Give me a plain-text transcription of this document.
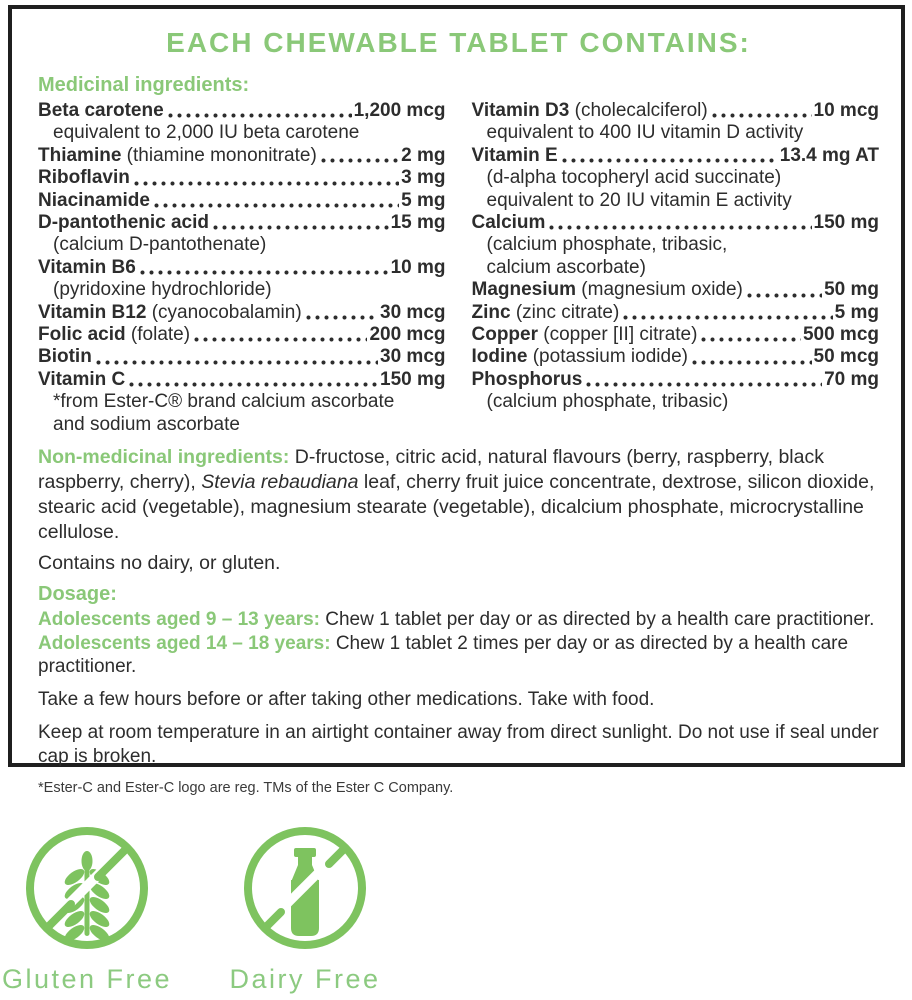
EACH CHEWABLE TABLET CONTAINS:
Medicinal ingredients:
Beta carotene	1,200 mcg
equivalent to 2,000 IU beta carotene
Thiamine (thiamine mononitrate)	2 mg
Riboflavin	3 mg
Niacinamide	5 mg
D-pantothenic acid	15 mg
(calcium D-pantothenate)
Vitamin B6	10 mg
(pyridoxine hydrochloride)
Vitamin B12 (cyanocobalamin)	30 mcg
Folic acid (folate)	200 mcg
Biotin	30 mcg
Vitamin C	150 mg
*from Ester-C® brand calcium ascorbate
and sodium ascorbate
Vitamin D3 (cholecalciferol)	10 mcg
equivalent to 400 IU vitamin D activity
Vitamin E	13.4 mg AT
(d-alpha tocopheryl acid succinate)
equivalent to 20 IU vitamin E activity
Calcium	150 mg
(calcium phosphate, tribasic,
calcium ascorbate)
Magnesium (magnesium oxide)	50 mg
Zinc (zinc citrate)	5 mg
Copper (copper [II] citrate)	500 mcg
Iodine (potassium iodide)	50 mcg
Phosphorus	70 mg
(calcium phosphate, tribasic)
Non-medicinal ingredients: D-fructose, citric acid, natural flavours (berry, raspberry, black raspberry, cherry), Stevia rebaudiana leaf, cherry fruit juice concentrate, dextrose, silicon dioxide, stearic acid (vegetable), magnesium stearate (vegetable), dicalcium phosphate, microcrystalline cellulose.
Contains no dairy, or gluten.
Dosage:
Adolescents aged 9 – 13 years: Chew 1 tablet per day or as directed by a health care practitioner.
Adolescents aged 14 – 18 years: Chew 1 tablet 2 times per day or as directed by a health care practitioner.
Take a few hours before or after taking other medications. Take with food.
Keep at room temperature in an airtight container away from direct sunlight. Do not use if seal under cap is broken.
*Ester-C and Ester-C logo are reg. TMs of the Ester C Company.
Gluten Free Dairy Free
